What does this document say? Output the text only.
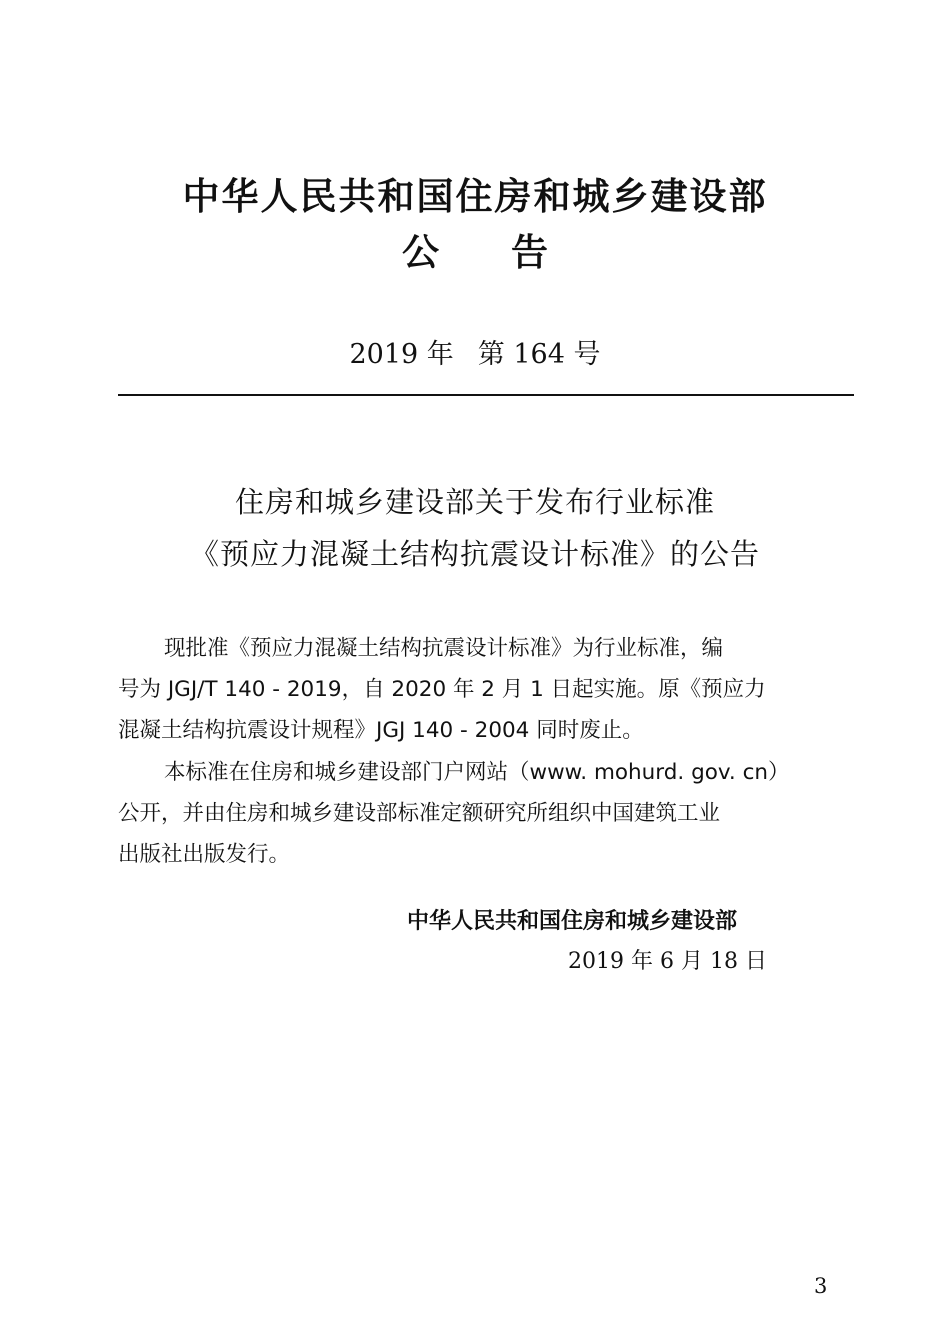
中华人民共和国住房和城乡建设部
公 告
2019 年 第 164 号
住房和城乡建设部关于发布行业标准
《预应力混凝土结构抗震设计标准》的公告
现批准《预应力混凝土结构抗震设计标准》为行业标准，编
号为 JGJ/T 140 - 2019，自 2020 年 2 月 1 日起实施。原《预应力
混凝土结构抗震设计规程》JGJ 140 - 2004 同时废止。
本标准在住房和城乡建设部门户网站（www. mohurd. gov. cn）
公开，并由住房和城乡建设部标准定额研究所组织中国建筑工业
出版社出版发行。
中华人民共和国住房和城乡建设部
2019 年 6 月 18 日
3
